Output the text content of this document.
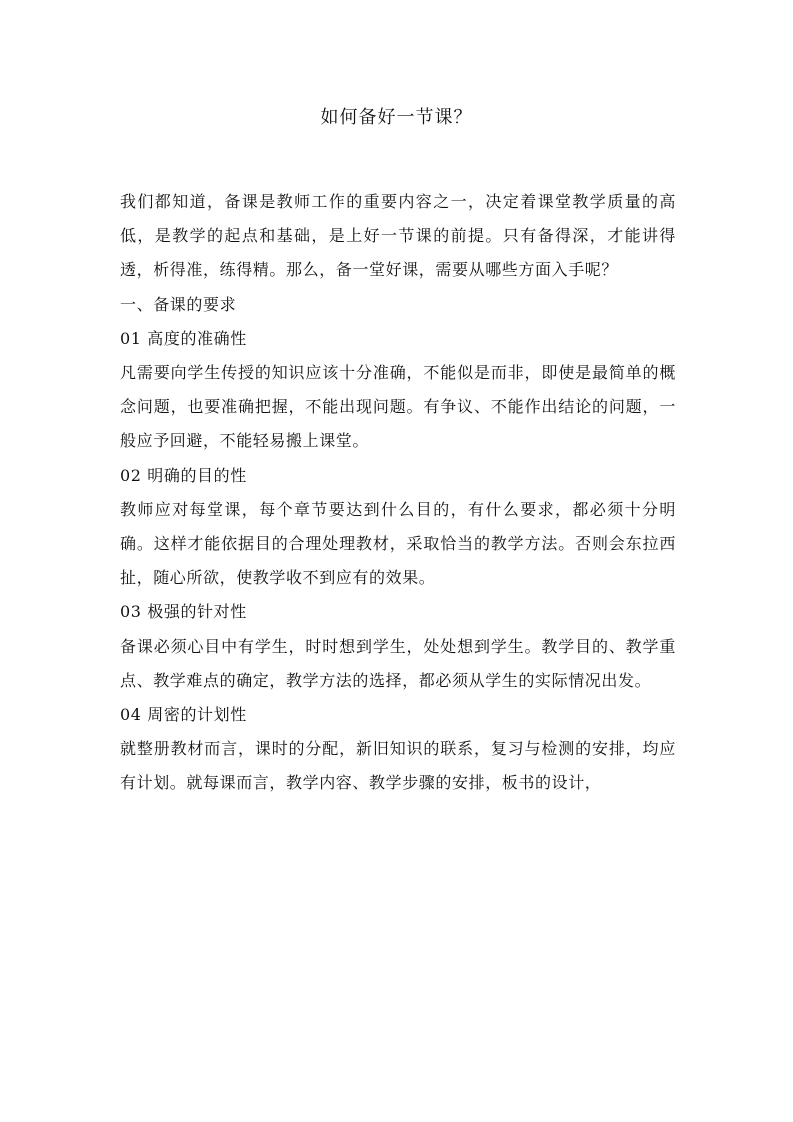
如何备好一节课？

我们都知道，备课是教师工作的重要内容之一，决定着课堂教学质量的高低，是教学的起点和基础，是上好一节课的前提。只有备得深，才能讲得透，析得准，练得精。那么，备一堂好课，需要从哪些方面入手呢？

一、备课的要求

01 高度的准确性

凡需要向学生传授的知识应该十分准确，不能似是而非，即使是最简单的概念问题，也要准确把握，不能出现问题。有争议、不能作出结论的问题，一般应予回避，不能轻易搬上课堂。

02 明确的目的性

教师应对每堂课，每个章节要达到什么目的，有什么要求，都必须十分明确。这样才能依据目的合理处理教材，采取恰当的教学方法。否则会东拉西扯，随心所欲，使教学收不到应有的效果。

03 极强的针对性

备课必须心目中有学生，时时想到学生，处处想到学生。教学目的、教学重点、教学难点的确定，教学方法的选择，都必须从学生的实际情况出发。

04 周密的计划性

就整册教材而言，课时的分配，新旧知识的联系，复习与检测的安排，均应有计划。就每课而言，教学内容、教学步骤的安排，板书的设计，
